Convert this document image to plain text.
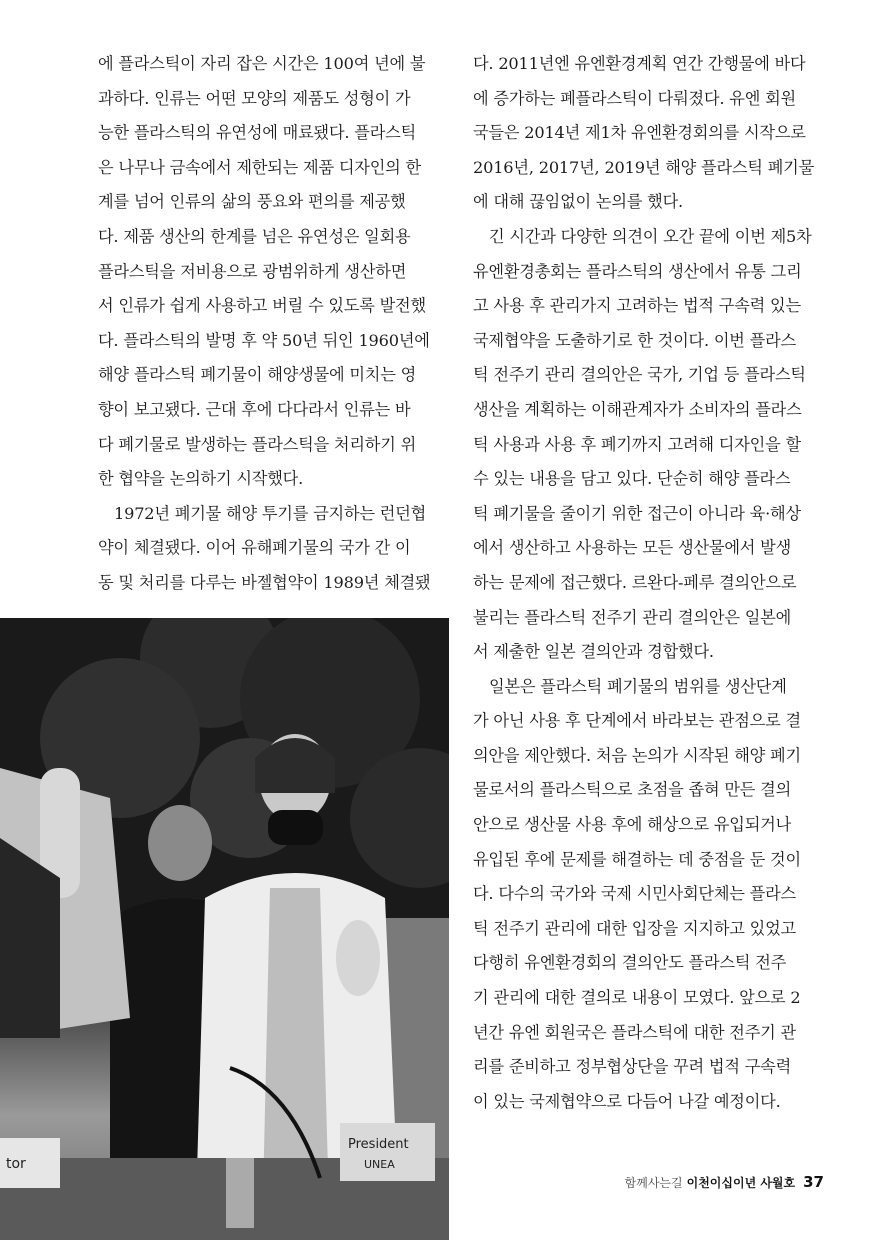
에 플라스틱이 자리 잡은 시간은 100여 년에 불
과하다. 인류는 어떤 모양의 제품도 성형이 가
능한 플라스틱의 유연성에 매료됐다. 플라스틱
은 나무나 금속에서 제한되는 제품 디자인의 한
계를 넘어 인류의 삶의 풍요와 편의를 제공했
다. 제품 생산의 한계를 넘은 유연성은 일회용
플라스틱을 저비용으로 광범위하게 생산하면
서 인류가 쉽게 사용하고 버릴 수 있도록 발전했
다. 플라스틱의 발명 후 약 50년 뒤인 1960년에
해양 플라스틱 폐기물이 해양생물에 미치는 영
향이 보고됐다. 근대 후에 다다라서 인류는 바
다 폐기물로 발생하는 플라스틱을 처리하기 위
한 협약을 논의하기 시작했다.
1972년 폐기물 해양 투기를 금지하는 런던협
약이 체결됐다. 이어 유해폐기물의 국가 간 이
동 및 처리를 다루는 바젤협약이 1989년 체결됐
다. 2011년엔 유엔환경계획 연간 간행물에 바다
에 증가하는 폐플라스틱이 다뤄졌다. 유엔 회원
국들은 2014년 제1차 유엔환경회의를 시작으로
2016년, 2017년, 2019년 해양 플라스틱 폐기물
에 대해 끊임없이 논의를 했다.
긴 시간과 다양한 의견이 오간 끝에 이번 제5차
유엔환경총회는 플라스틱의 생산에서 유통 그리
고 사용 후 관리가지 고려하는 법적 구속력 있는
국제협약을 도출하기로 한 것이다. 이번 플라스
틱 전주기 관리 결의안은 국가, 기업 등 플라스틱
생산을 계획하는 이해관계자가 소비자의 플라스
틱 사용과 사용 후 폐기까지 고려해 디자인을 할
수 있는 내용을 담고 있다. 단순히 해양 플라스
틱 폐기물을 줄이기 위한 접근이 아니라 육·해상
에서 생산하고 사용하는 모든 생산물에서 발생
하는 문제에 접근했다. 르완다-페루 결의안으로
불리는 플라스틱 전주기 관리 결의안은 일본에
서 제출한 일본 결의안과 경합했다.
일본은 플라스틱 폐기물의 범위를 생산단계
가 아닌 사용 후 단계에서 바라보는 관점으로 결
의안을 제안했다. 처음 논의가 시작된 해양 폐기
물로서의 플라스틱으로 초점을 좁혀 만든 결의
안으로 생산물 사용 후에 해상으로 유입되거나
유입된 후에 문제를 해결하는 데 중점을 둔 것이
다. 다수의 국가와 국제 시민사회단체는 플라스
틱 전주기 관리에 대한 입장을 지지하고 있었고
다행히 유엔환경회의 결의안도 플라스틱 전주
기 관리에 대한 결의로 내용이 모였다. 앞으로 2
년간 유엔 회원국은 플라스틱에 대한 전주기 관
리를 준비하고 정부협상단을 꾸려 법적 구속력
이 있는 국제협약으로 다듬어 나갈 예정이다.
tor
President
UNEA
함께사는길 이천이십이년 사월호 37
